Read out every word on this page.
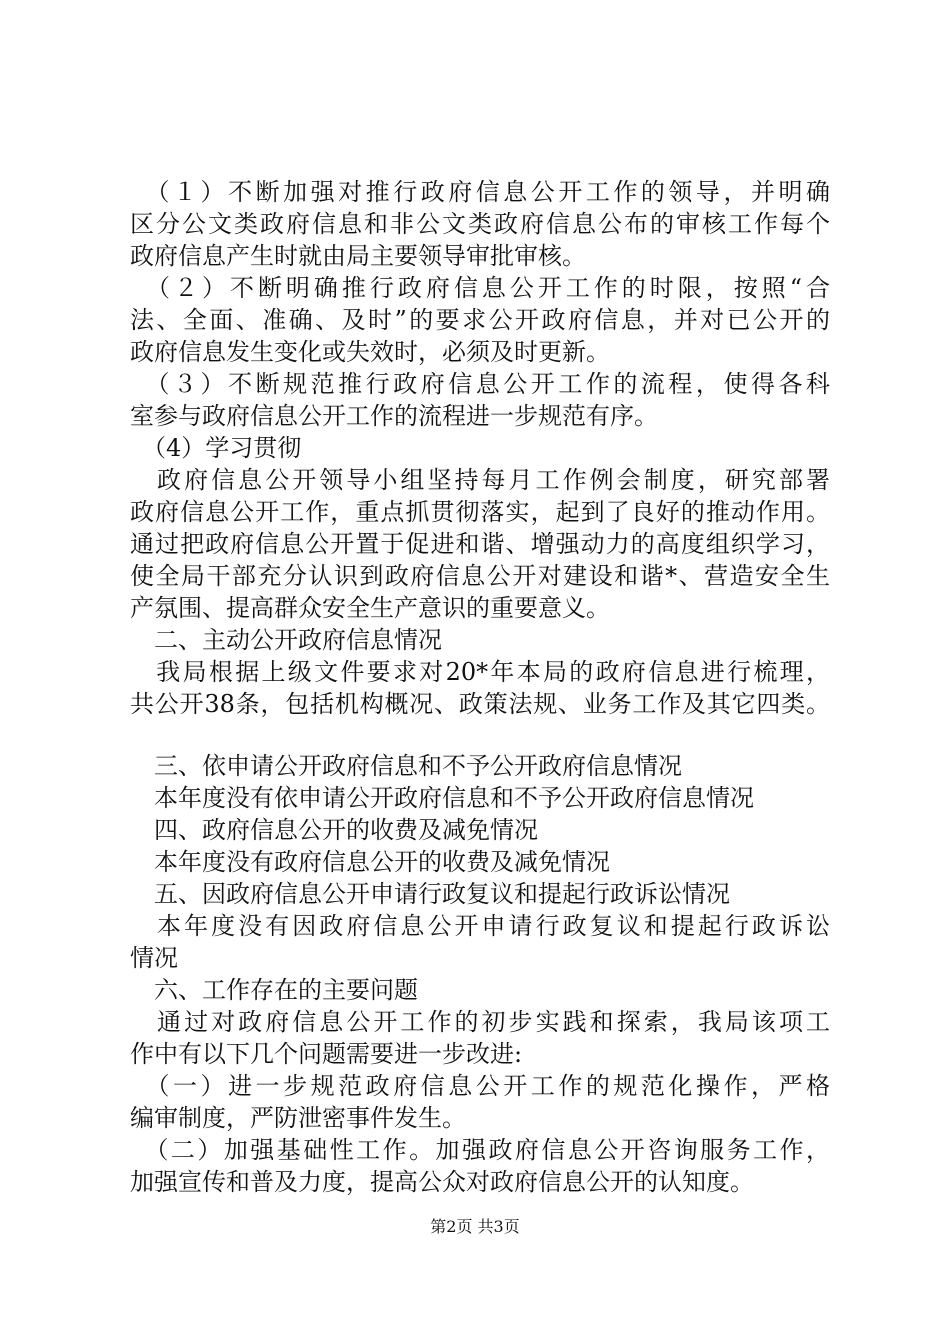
　（１）不断加强对推行政府信息公开工作的领导，并明确
区分公文类政府信息和非公文类政府信息公布的审核工作每个
政府信息产生时就由局主要领导审批审核。
　（２）不断明确推行政府信息公开工作的时限，按照“合
法、全面、准确、及时”的要求公开政府信息，并对已公开的
政府信息发生变化或失效时，必须及时更新。
　（３）不断规范推行政府信息公开工作的流程，使得各科
室参与政府信息公开工作的流程进一步规范有序。
　（4）学习贯彻
　政府信息公开领导小组坚持每月工作例会制度，研究部署
政府信息公开工作，重点抓贯彻落实，起到了良好的推动作用。
通过把政府信息公开置于促进和谐、增强动力的高度组织学习，
使全局干部充分认识到政府信息公开对建设和谐*、营造安全生
产氛围、提高群众安全生产意识的重要意义。
　二、主动公开政府信息情况
　我局根据上级文件要求对20*年本局的政府信息进行梳理，
共公开38条，包括机构概况、政策法规、业务工作及其它四类。
　三、依申请公开政府信息和不予公开政府信息情况
　本年度没有依申请公开政府信息和不予公开政府信息情况
　四、政府信息公开的收费及减免情况
　本年度没有政府信息公开的收费及减免情况
　五、因政府信息公开申请行政复议和提起行政诉讼情况
　本年度没有因政府信息公开申请行政复议和提起行政诉讼
情况
　六、工作存在的主要问题
　通过对政府信息公开工作的初步实践和探索，我局该项工
作中有以下几个问题需要进一步改进:
　（一）进一步规范政府信息公开工作的规范化操作，严格
编审制度，严防泄密事件发生。
　（二）加强基础性工作。加强政府信息公开咨询服务工作，
加强宣传和普及力度，提高公众对政府信息公开的认知度。
第2页 共3页
